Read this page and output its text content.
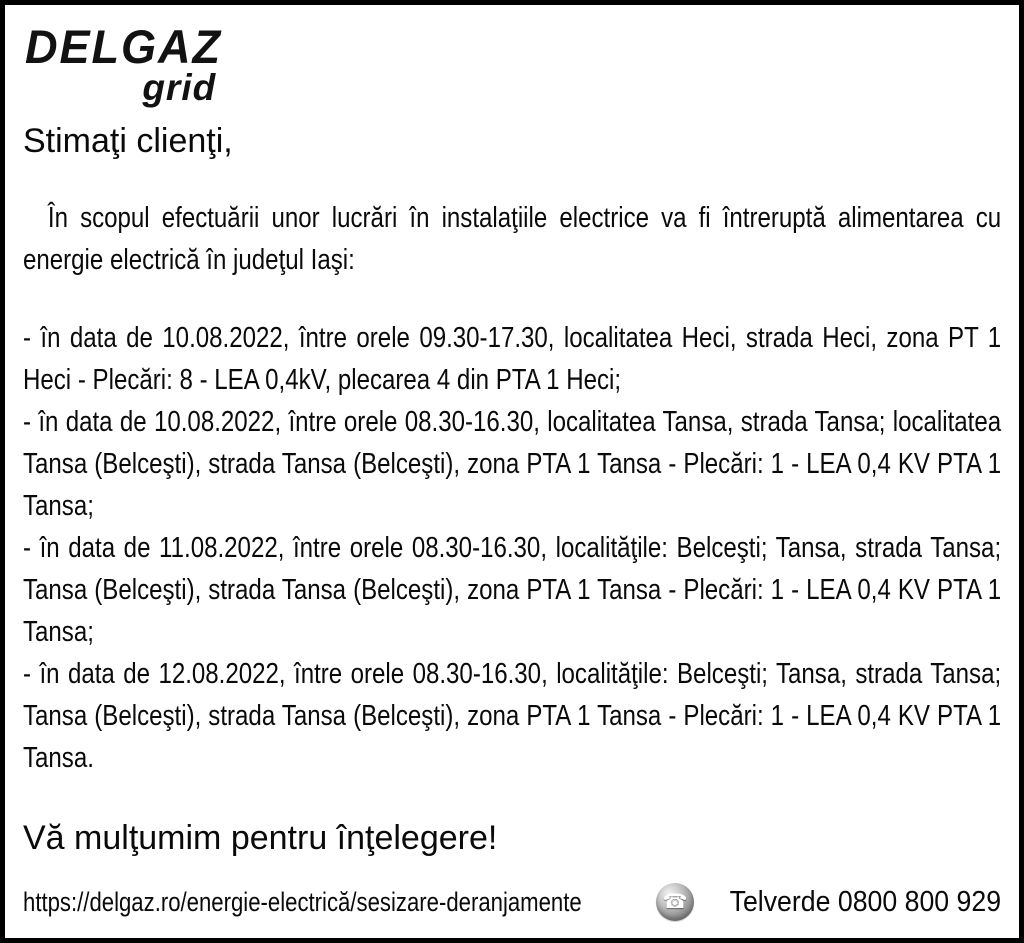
DELGAZ
grid
Stimaţi clienţi,
În scopul efectuării unor lucrări în instalaţiile electrice va fi întreruptă alimentarea cu energie electrică în judeţul Iaşi:

- în data de 10.08.2022, între orele 09.30-17.30, localitatea Heci, strada Heci, zona PT 1 Heci - Plecări: 8 - LEA 0,4kV, plecarea 4 din PTA 1 Heci;

- în data de 10.08.2022, între orele 08.30-16.30, localitatea Tansa, strada Tansa; localitatea Tansa (Belceşti), strada Tansa (Belceşti), zona PTA 1 Tansa - Plecări: 1 - LEA 0,4 KV PTA 1 Tansa;

- în data de 11.08.2022, între orele 08.30-16.30, localităţile: Belceşti; Tansa, strada Tansa; Tansa (Belceşti), strada Tansa (Belceşti), zona PTA 1 Tansa - Plecări: 1 - LEA 0,4 KV PTA 1 Tansa;

- în data de 12.08.2022, între orele 08.30-16.30, localităţile: Belceşti; Tansa, strada Tansa; Tansa (Belceşti), strada Tansa (Belceşti), zona PTA 1 Tansa - Plecări: 1 - LEA 0,4 KV PTA 1 Tansa.

Vă mulţumim pentru înţelegere!
https://delgaz.ro/energie-electrică/sesizare-deranjamente	☎ Telverde 0800 800 929
